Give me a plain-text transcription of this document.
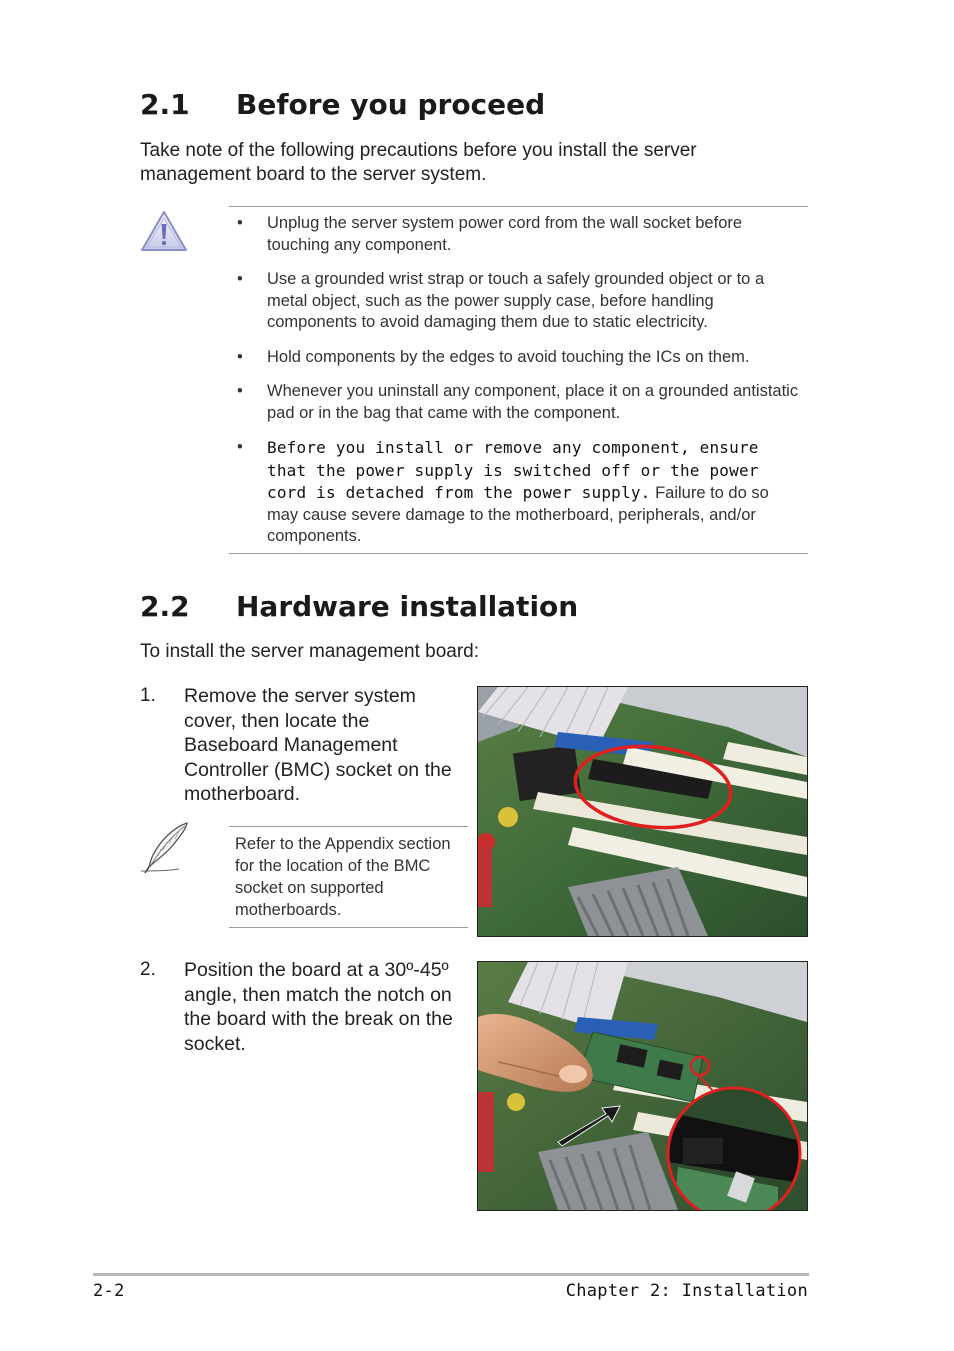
2.1 Before you proceed
Take note of the following precautions before you install the server management board to the server system.
• Unplug the server system power cord from the wall socket before touching any component.
• Use a grounded wrist strap or touch a safely grounded object or to a metal object, such as the power supply case, before handling components to avoid damaging them due to static electricity.
• Hold components by the edges to avoid touching the ICs on them.
• Whenever you uninstall any component, place it on a grounded antistatic pad or in the bag that came with the component.
• Before you install or remove any component, ensure that the power supply is switched off or the power cord is detached from the power supply. Failure to do so may cause severe damage to the motherboard, peripherals, and/or components.
2.2 Hardware installation
To install the server management board:
1. Remove the server system cover, then locate the Baseboard Management Controller (BMC) socket on the motherboard.
Refer to the Appendix section for the location of the BMC socket on supported motherboards.
2. Position the board at a 30º-45º angle, then match the notch on the board with the break on the socket.
2-2	Chapter 2: Installation
